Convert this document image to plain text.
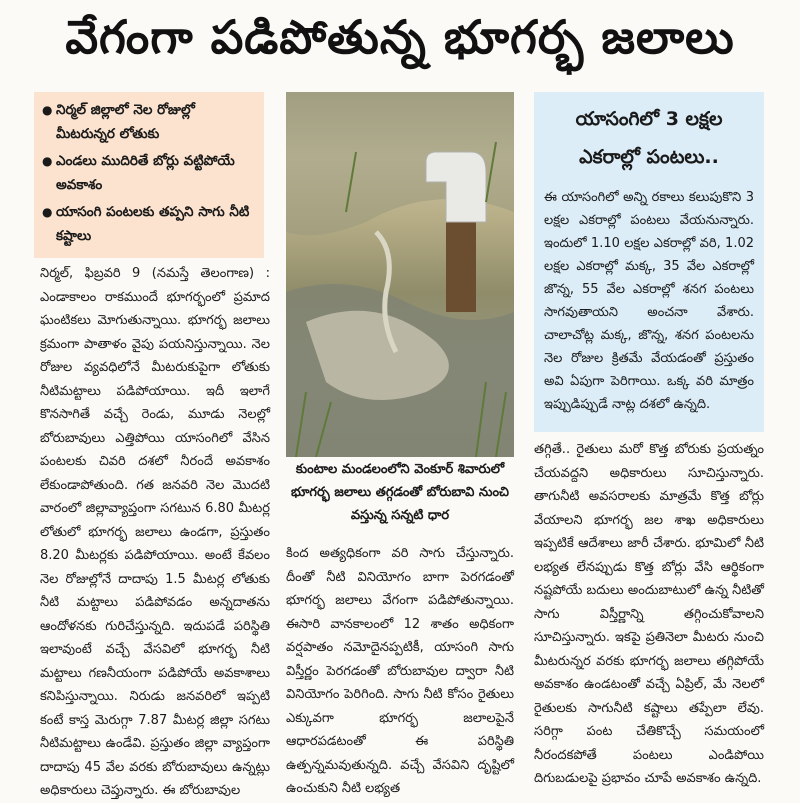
వేగంగా పడిపోతున్న భూగర్భ జలాలు
● నిర్మల్‌ జిల్లాలో నెల రోజుల్లో మీటరున్నర లోతుకు
● ఎండలు ముదిరితే బోర్లు వట్టిపోయే అవకాశం
● యాసంగి పంటలకు తప్పని సాగు నీటి కష్టాలు
కుంటాల మండలంలోని వెంకూర్‌ శివారులో భూగర్భ జలాలు తగ్గడంతో బోరుబావి నుంచి వస్తున్న సన్నటి ధార
యాసంగిలో 3 లక్షల ఎకరాల్లో పంటలు..
ఈ యాసంగిలో అన్ని రకాలు కలుపుకొని 3 లక్షల ఎకరాల్లో పంటలు వేయనున్నారు. ఇందులో 1.10 లక్షల ఎకరాల్లో వరి, 1.02 లక్షల ఎకరాల్లో మక్క, 35 వేల ఎకరాల్లో జొన్న, 55 వేల ఎకరాల్లో శనగ పంటలు సాగవుతాయని అంచనా వేశారు. చాలాచోట్ల మక్క, జొన్న, శనగ పంటలను నెల రోజుల క్రితమే వేయడంతో ప్రస్తుతం అవి ఏపుగా పెరిగాయి. ఒక్క వరి మాత్రం ఇప్పుడిప్పుడే నాట్ల దశలో ఉన్నది.

నిర్మల్‌, ఫిబ్రవరి 9 (నమస్తే తెలంగాణ) : ఎండాకాలం రాకముందే భూగర్భంలో ప్రమాద ఘంటికలు మోగుతున్నాయి. భూగర్భ జలాలు క్రమంగా పాతాళం వైపు పయనిస్తున్నాయి. నెల రోజుల వ్యవధిలోనే మీటరుకుపైగా లోతుకు నీటిమట్టాలు పడిపోయాయి. ఇదీ ఇలాగే కొనసాగితే వచ్చే రెండు, మూడు నెలల్లో బోరుబావులు ఎత్తిపోయి యాసంగిలో వేసిన పంటలకు చివరి దశలో నీరందే అవకాశం లేకుండాపోతుంది. గత జనవరి నెల మొదటి వారంలో జిల్లావ్యాప్తంగా సగటున 6.80 మీటర్ల లోతులో భూగర్భ జలాలు ఉండగా, ప్రస్తుతం 8.20 మీటర్లకు పడిపోయాయి. అంటే కేవలం నెల రోజుల్లోనే దాదాపు 1.5 మీటర్ల లోతుకు నీటి మట్టాలు పడిపోవడం అన్నదాతను ఆందోళనకు గురిచేస్తున్నది. ఇదుపడే పరిస్థితి ఇలావుంటే వచ్చే వేసవిలో భూగర్భ నీటి మట్టాలు గణనీయంగా పడిపోయే అవకాశాలు కనిపిస్తున్నాయి. నిరుడు జనవరిలో ఇప్పటి కంటే కాస్త మెరుగ్గా 7.87 మీటర్ల జిల్లా సగటు నీటిమట్టాలు ఉండేవి. ప్రస్తుతం జిల్లా వ్యాప్తంగా దాదాపు 45 వేల వరకు బోరుబావులు ఉన్నట్లు అధికారులు చెప్తున్నారు. ఈ బోరుబావుల

కింద అత్యధికంగా వరి సాగు చేస్తున్నారు. దీంతో నీటి వినియోగం బాగా పెరగడంతో భూగర్భ జలాలు వేగంగా పడిపోతున్నాయి. ఈసారి వానకాలంలో 12 శాతం అధికంగా వర్షపాతం నమోదైనప్పటికీ, యాసంగి సాగు విస్తీర్ణం పెరగడంతో బోరుబావుల ద్వారా నీటి వినియోగం పెరిగింది. సాగు నీటి కోసం రైతులు ఎక్కువగా భూగర్భ జలాలపైనే ఆధారపడటంతో ఈ పరిస్థితి ఉత్పన్నమవుతున్నది. వచ్చే వేసవిని దృష్టిలో ఉంచుకుని నీటి లభ్యత

తగ్గితే.. రైతులు మరో కొత్త బోరుకు ప్రయత్నం చేయవద్దని అధికారులు సూచిస్తున్నారు. తాగునీటి అవసరాలకు మాత్రమే కొత్త బోర్లు వేయాలని భూగర్భ జల శాఖ అధికారులు ఇప్పటికే ఆదేశాలు జారీ చేశారు. భూమిలో నీటి లభ్యత లేనప్పుడు కొత్త బోర్లు వేసి ఆర్థికంగా నష్టపోయే బదులు అందుబాటులో ఉన్న నీటితో సాగు విస్తీర్ణాన్ని తగ్గించుకోవాలని సూచిస్తున్నారు. ఇకపై ప్రతినెలా మీటరు నుంచి మీటరున్నర వరకు భూగర్భ జలాలు తగ్గిపోయే అవకాశం ఉండటంతో వచ్చే ఏప్రిల్‌, మే నెలలో రైతులకు సాగునీటి కష్టాలు తప్పేలా లేవు. సరిగ్గా పంట చేతికొచ్చే సమయంలో నీరందకపోతే పంటలు ఎండిపోయి దిగుబడులపై ప్రభావం చూపే అవకాశం ఉన్నది.
